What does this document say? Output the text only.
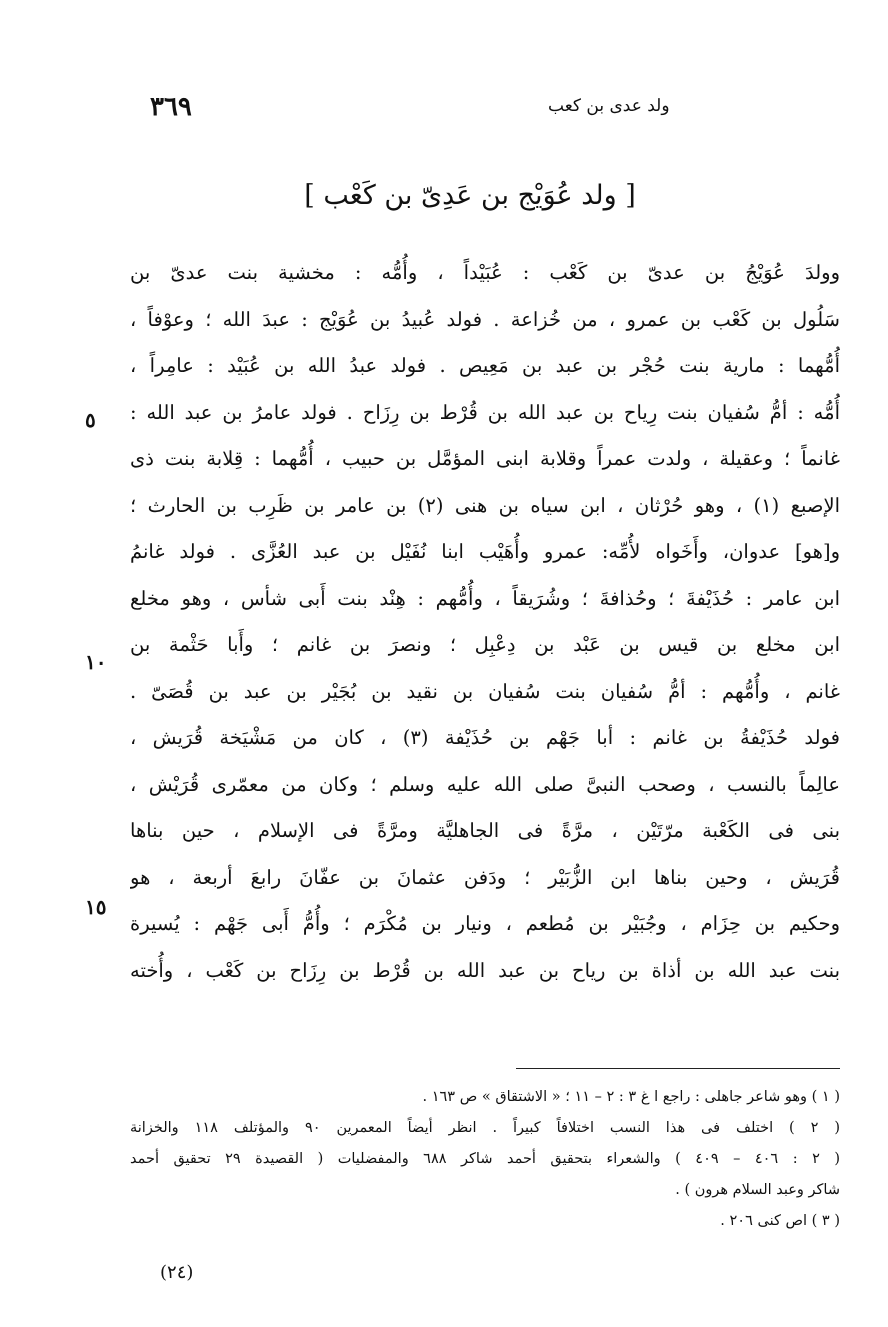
٣٦٩	ولد عدى بن كعب
[ ولد عُوَيْج بن عَدِىّ بن كَعْب ]
وولدَ عُوَيْجُ بن عدىّ بن كَعْب : عُبَيْداً ، وأُمُّه : مخشية بنت عدىّ بن
سَلُول بن كَعْب بن عمرو ، من خُزاعة . فولد عُبيدُ بن عُوَيْج : عبدَ الله ؛ وعوْفاً ،
أُمُّهما : مارية بنت حُجْر بن عبد بن مَعِيص . فولد عبدُ الله بن عُبَيْد : عامِراً ،
أُمُّه : أمُّ سُفيان بنت رِياح بن عبد الله بن قُرْط بن رِزَاح . فولد عامرُ بن عبد الله :
غانماً ؛ وعقيلة ، ولدت عمراً وقلابة ابنى المؤمَّل بن حبيب ، أُمُّهما : قِلابة بنت ذى
الإصبع (١) ، وهو حُرْثان ، ابن سياه بن هنى (٢) بن عامر بن ظَرِب بن الحارث ؛
و[هو] عدوان، وأَخَواه لأُمِّه: عمرو وأُهَيْب ابنا نُفَيْل بن عبد العُزَّى . فولد غانمُ
ابن عامر : حُذَيْفةَ ؛ وحُذافةَ ؛ وشُرَيقاً ، وأُمُّهم : هِنْد بنت أَبى شأس ، وهو مخلع
ابن مخلع بن قيس بن عَبْد بن دِعْبِل ؛ ونصرَ بن غانم ؛ وأَبا حَثْمة بن
غانم ، وأُمُّهم : أمُّ سُفيان بنت سُفيان بن نقيد بن بُجَيْر بن عبد بن قُصَىّ .
فولد حُذَيْفةُ بن غانم : أبا جَهْم بن حُذَيْفة (٣) ، كان من مَشْيَخة قُرَيش ،
عالِماً بالنسب ، وصحب النبىَّ صلى الله عليه وسلم ؛ وكان من معمّرى قُرَيْش ،
بنى فى الكَعْبة مرّتَيْن ، مرَّةً فى الجاهليَّة ومرَّةً فى الإسلام ، حين بناها
قُرَيش ، وحين بناها ابن الزُّبَيْر ؛ ودَفن عثمانَ بن عفّانَ رابعَ أربعة ، هو
وحكيم بن حِزَام ، وجُبَيْر بن مُطعم ، ونيار بن مُكْرَم ؛ وأُمُّ أَبى جَهْم : يُسيرة
بنت عبد الله بن أذاة بن رياح بن عبد الله بن قُرْط بن رِزَاح بن كَعْب ، وأُخته
٥
١٠
١٥
( ١ ) وهو شاعر جاهلى : راجع ا غ ٣ : ٢ – ١١ ؛ « الاشتقاق » ص ١٦٣ .
( ٢ ) اختلف فى هذا النسب اختلافاً كبيراً . انظر أيضاً المعمرين ٩٠ والمؤتلف ١١٨ والخزانة
( ٢ : ٤٠٦ – ٤٠٩ ) والشعراء بتحقيق أحمد شاكر ٦٨٨ والمفضليات ( القصيدة ٢٩ تحقيق أحمد
شاكر وعبد السلام هرون ) .
( ٣ ) اص كنى ٢٠٦ .
(٢٤)
